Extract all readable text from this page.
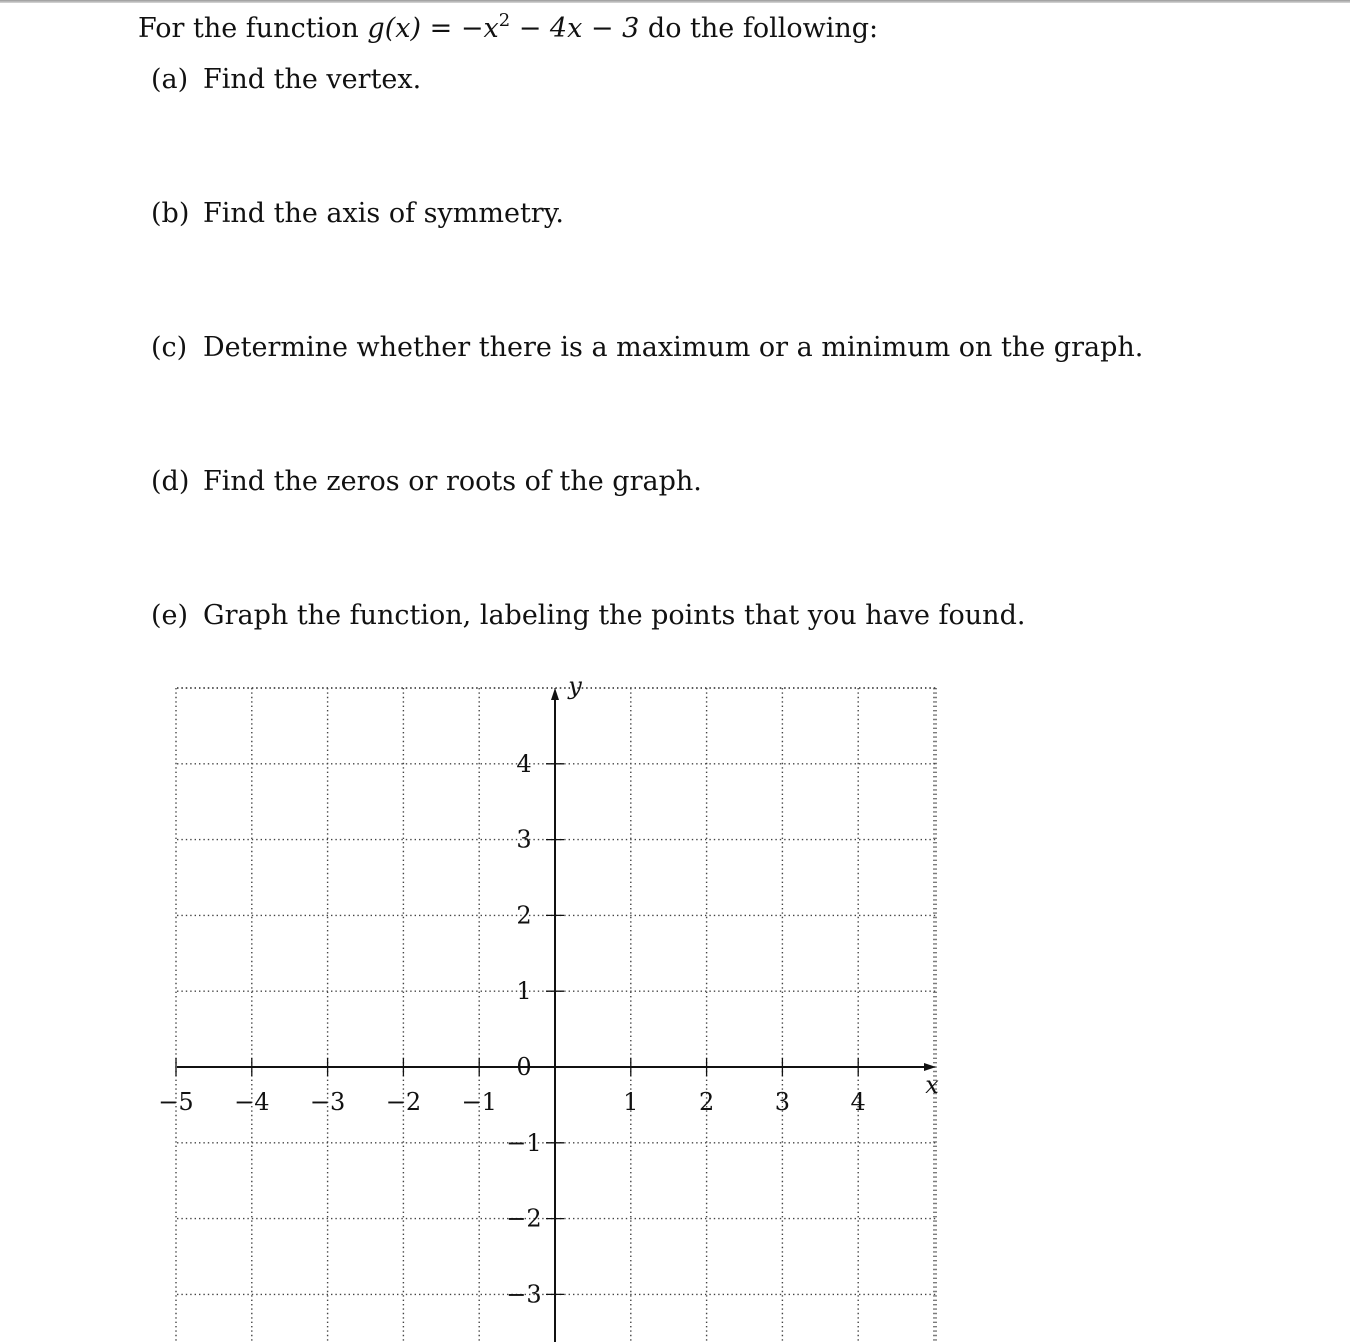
For the function $g(x) = -x^2 - 4x - 3$ do the following:
(a) Find the vertex.
(b) Find the axis of symmetry.
(c) Determine whether there is a maximum or a minimum on the graph.
(d) Find the zeros or roots of the graph.
(e) Graph the function, labeling the points that you have found.
−5 −4 −3 −2 −1	1	2	3	4
4
3
2
1
0
−1
−2
−3
x
y
